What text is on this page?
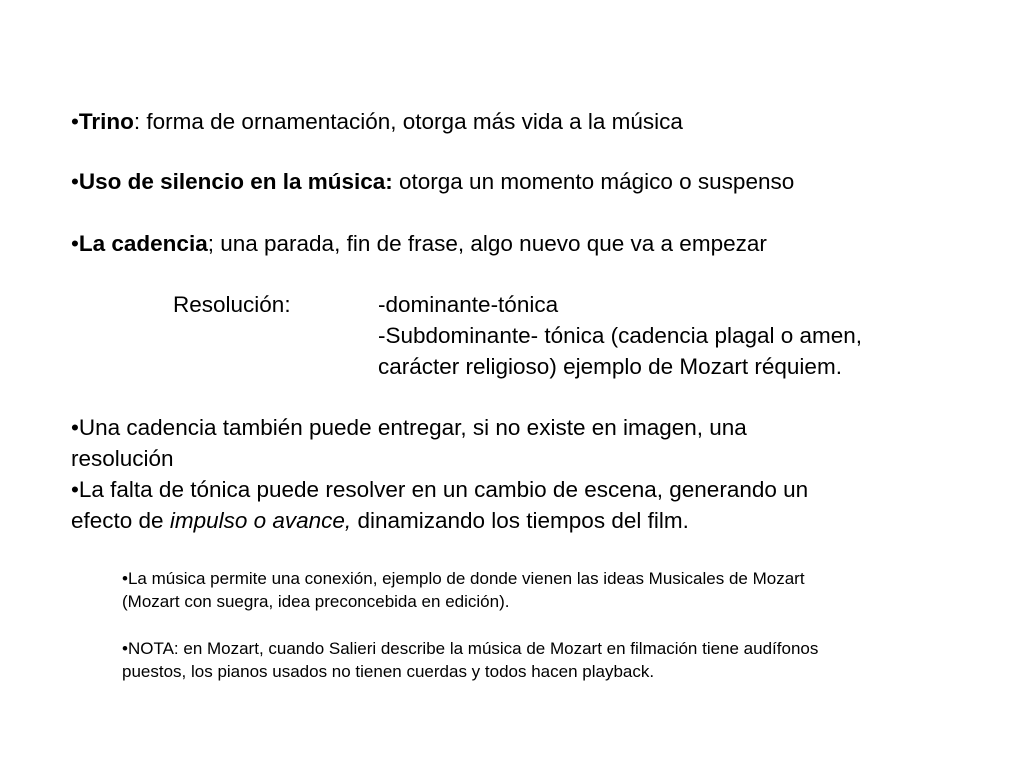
•Trino: forma de ornamentación, otorga más vida a la música
•Uso de silencio en la música: otorga un momento mágico o suspenso
•La cadencia; una parada, fin de frase, algo nuevo que va a empezar
Resolución:	-dominante-tónica
-Subdominante- tónica (cadencia plagal o amen,
carácter religioso) ejemplo de Mozart réquiem.
•Una cadencia también puede entregar, si no existe en imagen, una
resolución
•La falta de tónica puede resolver en un cambio de escena, generando un
efecto de impulso o avance, dinamizando los tiempos del film.
•La música permite una conexión, ejemplo de donde vienen las ideas Musicales de Mozart
(Mozart con suegra, idea preconcebida en edición).
•NOTA: en Mozart, cuando Salieri describe la música de Mozart en filmación tiene audífonos
puestos, los pianos usados no tienen cuerdas y todos hacen playback.
